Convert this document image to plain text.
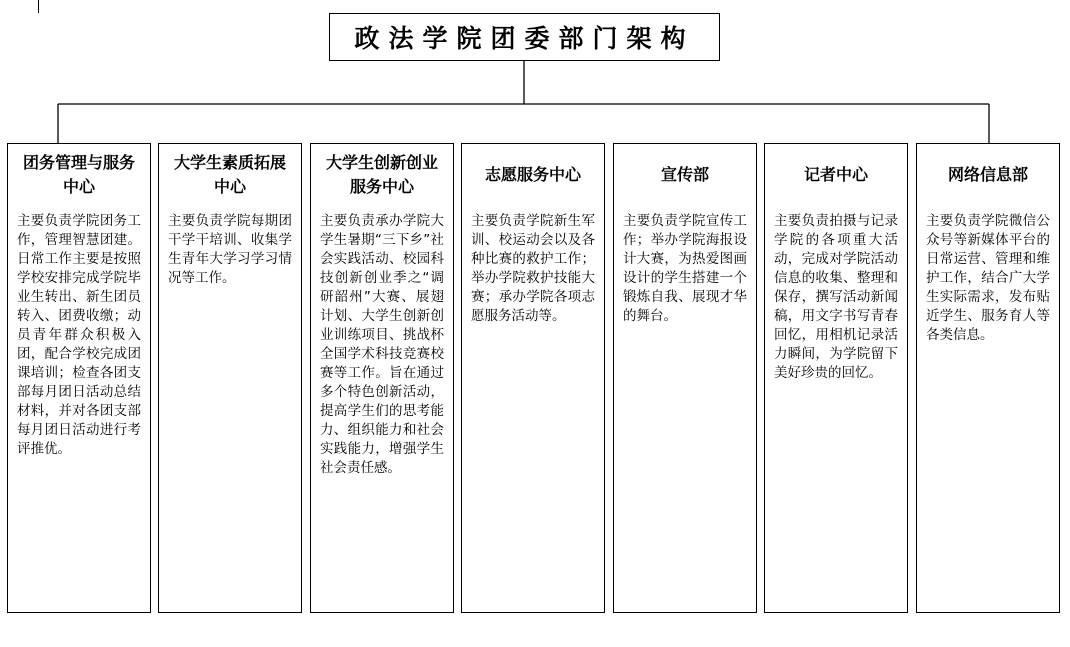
政法学院团委部门架构
团务管理与服务中心
主要负责学院团务工作，管理智慧团建。日常工作主要是按照学校安排完成学院毕业生转出、新生团员转入、团费收缴；动员青年群众积极入团，配合学校完成团课培训；检查各团支部每月团日活动总结材料，并对各团支部每月团日活动进行考评推优。
大学生素质拓展中心
主要负责学院每期团干学干培训、收集学生青年大学习学习情况等工作。
大学生创新创业服务中心
主要负责承办学院大学生暑期“三下乡”社会实践活动、校园科技创新创业季之“调研韶州”大赛、展翅计划、大学生创新创业训练项目、挑战杯全国学术科技竞赛校赛等工作。旨在通过多个特色创新活动，提高学生们的思考能力、组织能力和社会实践能力，增强学生社会责任感。
志愿服务中心
主要负责学院新生军训、校运动会以及各种比赛的救护工作；举办学院救护技能大赛；承办学院各项志愿服务活动等。
宣传部
主要负责学院宣传工作；举办学院海报设计大赛，为热爱图画设计的学生搭建一个锻炼自我、展现才华的舞台。
记者中心
主要负责拍摄与记录学院的各项重大活动，完成对学院活动信息的收集、整理和保存，撰写活动新闻稿，用文字书写青春回忆，用相机记录活力瞬间，为学院留下美好珍贵的回忆。
网络信息部
主要负责学院微信公众号等新媒体平台的日常运营、管理和维护工作，结合广大学生实际需求，发布贴近学生、服务育人等各类信息。
